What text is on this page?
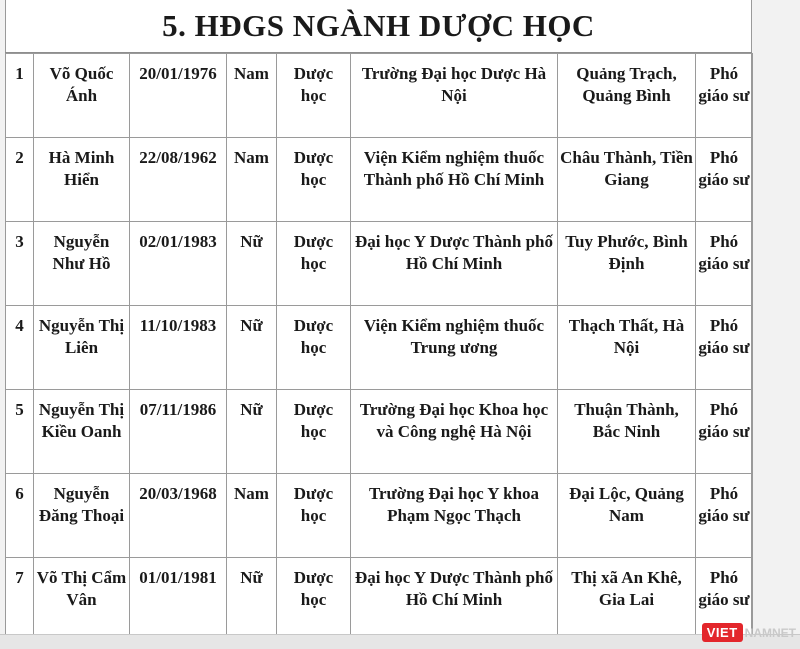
5. HĐGS NGÀNH DƯỢC HỌC
1	Võ Quốc Ánh	20/01/1976	Nam	Dược học	Trường Đại học Dược Hà Nội	Quảng Trạch, Quảng Bình	Phó giáo sư
2	Hà Minh Hiển	22/08/1962	Nam	Dược học	Viện Kiểm nghiệm thuốc Thành phố Hồ Chí Minh	Châu Thành, Tiền Giang	Phó giáo sư
3	Nguyễn Như Hồ	02/01/1983	Nữ	Dược học	Đại học Y Dược Thành phố Hồ Chí Minh	Tuy Phước, Bình Định	Phó giáo sư
4	Nguyễn Thị Liên	11/10/1983	Nữ	Dược học	Viện Kiểm nghiệm thuốc Trung ương	Thạch Thất, Hà Nội	Phó giáo sư
5	Nguyễn Thị Kiều Oanh	07/11/1986	Nữ	Dược học	Trường Đại học Khoa học và Công nghệ Hà Nội	Thuận Thành, Bắc Ninh	Phó giáo sư
6	Nguyễn Đăng Thoại	20/03/1968	Nam	Dược học	Trường Đại học Y khoa Phạm Ngọc Thạch	Đại Lộc, Quảng Nam	Phó giáo sư
7	Võ Thị Cẩm Vân	01/01/1981	Nữ	Dược học	Đại học Y Dược Thành phố Hồ Chí Minh	Thị xã An Khê, Gia Lai	Phó giáo sư
VIET NAMNET
